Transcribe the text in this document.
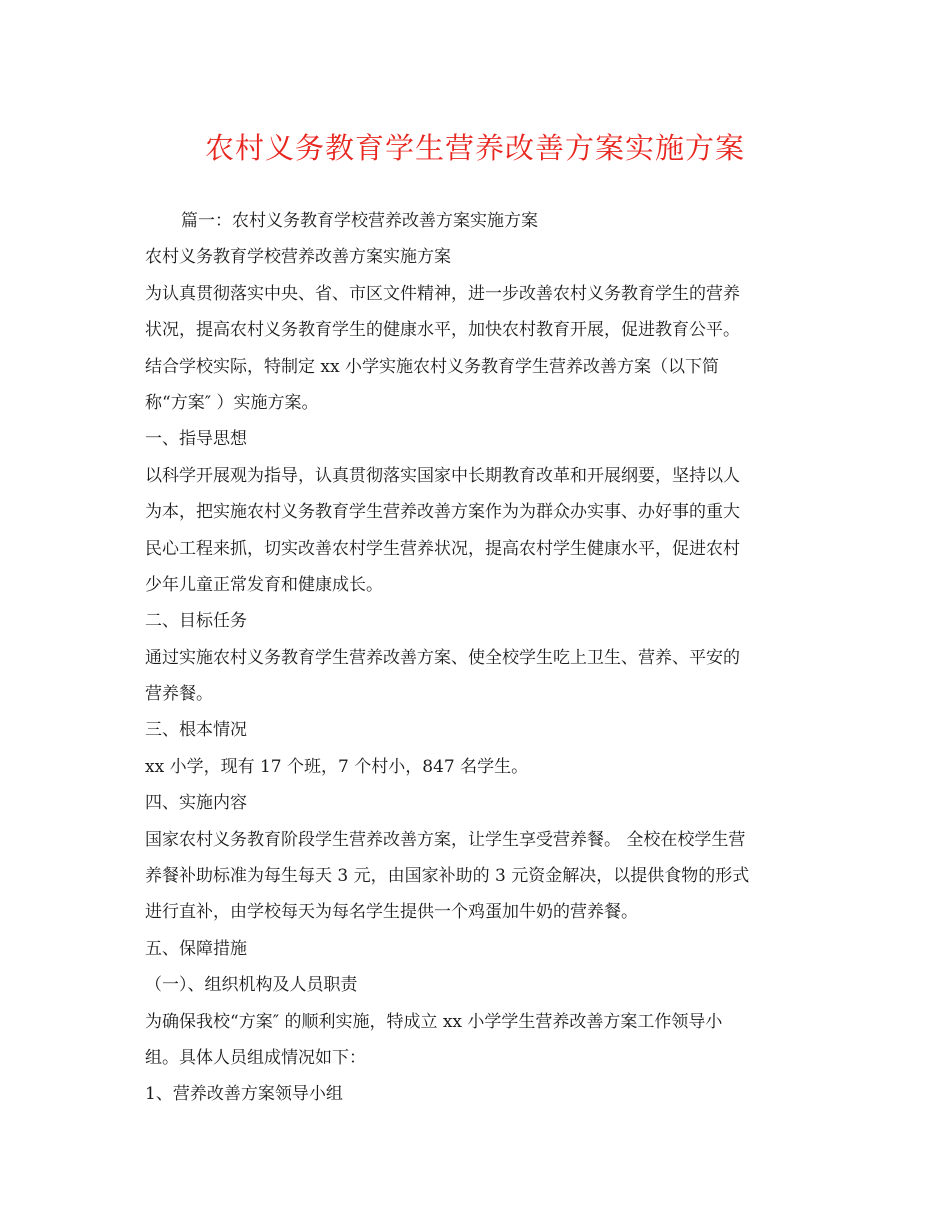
农村义务教育学生营养改善方案实施方案
篇一：农村义务教育学校营养改善方案实施方案
农村义务教育学校营养改善方案实施方案
为认真贯彻落实中央、省、市区文件精神，进一步改善农村义务教育学生的营养
状况，提高农村义务教育学生的健康水平，加快农村教育开展，促进教育公平。
结合学校实际，特制定 xx 小学实施农村义务教育学生营养改善方案（以下简
称“方案″ ）实施方案。
一、指导思想
以科学开展观为指导，认真贯彻落实国家中长期教育改革和开展纲要，坚持以人
为本，把实施农村义务教育学生营养改善方案作为为群众办实事、办好事的重大
民心工程来抓，切实改善农村学生营养状况，提高农村学生健康水平，促进农村
少年儿童正常发育和健康成长。
二、目标任务
通过实施农村义务教育学生营养改善方案、使全校学生吃上卫生、营养、平安的
营养餐。
三、根本情况
xx 小学，现有 17 个班，7 个村小，847 名学生。
四、实施内容
国家农村义务教育阶段学生营养改善方案，让学生享受营养餐。 全校在校学生营
养餐补助标准为每生每天 3 元，由国家补助的 3 元资金解决，以提供食物的形式
进行直补，由学校每天为每名学生提供一个鸡蛋加牛奶的营养餐。
五、保障措施
（一）、组织机构及人员职责
为确保我校“方案″ 的顺利实施，特成立 xx 小学学生营养改善方案工作领导小
组。具体人员组成情况如下：
1、营养改善方案领导小组
